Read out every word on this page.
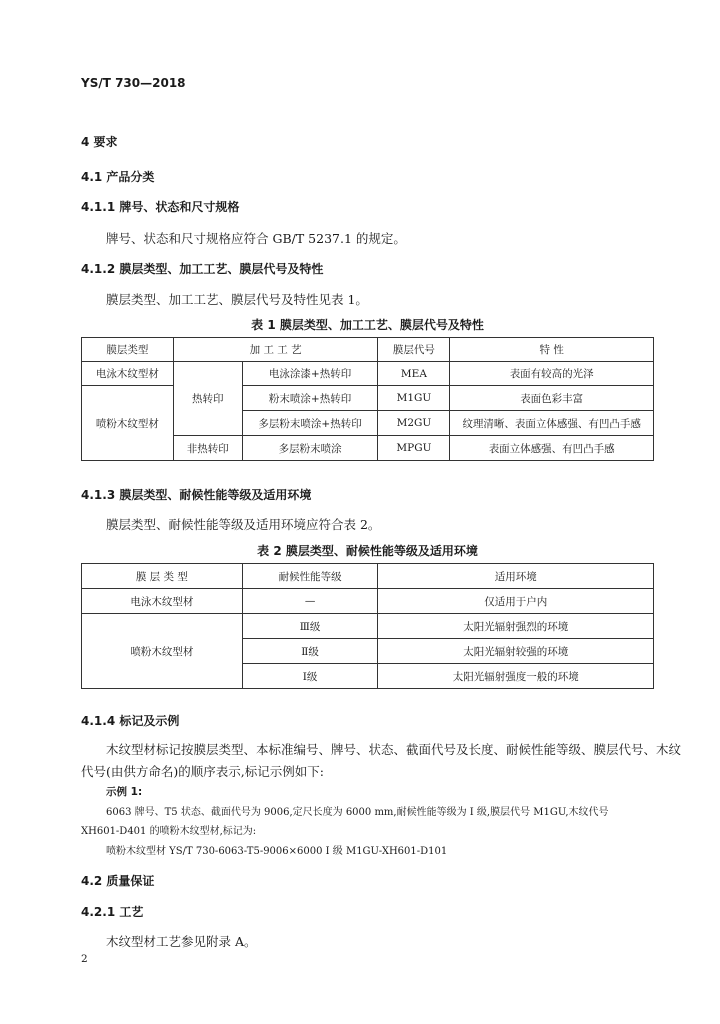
YS/T 730—2018
4 要求
4.1 产品分类
4.1.1 牌号、状态和尺寸规格
牌号、状态和尺寸规格应符合 GB/T 5237.1 的规定。
4.1.2 膜层类型、加工工艺、膜层代号及特性
膜层类型、加工工艺、膜层代号及特性见表 1。
表 1 膜层类型、加工工艺、膜层代号及特性
膜层类型	加 工 工 艺		膜层代号	特 性
电泳木纹型材	热转印	电泳涂漆+热转印	MEA	表面有较高的光泽
喷粉木纹型材		粉末喷涂+热转印	M1GU	表面色彩丰富
		多层粉末喷涂+热转印	M2GU	纹理清晰、表面立体感强、有凹凸手感
	非热转印	多层粉末喷涂	MPGU	表面立体感强、有凹凸手感
4.1.3 膜层类型、耐候性能等级及适用环境
膜层类型、耐候性能等级及适用环境应符合表 2。
表 2 膜层类型、耐候性能等级及适用环境
膜 层 类 型	耐候性能等级	适用环境
电泳木纹型材	—	仅适用于户内
喷粉木纹型材	Ⅲ级	太阳光辐射强烈的环境
	Ⅱ级	太阳光辐射较强的环境
	Ⅰ级	太阳光辐射强度一般的环境
4.1.4 标记及示例
木纹型材标记按膜层类型、本标准编号、牌号、状态、截面代号及长度、耐候性能等级、膜层代号、木纹
代号(由供方命名)的顺序表示,标记示例如下:
示例 1:
6063 牌号、T5 状态、截面代号为 9006,定尺长度为 6000 mm,耐候性能等级为 Ⅰ 级,膜层代号 M1GU,木纹代号
XH601-D401 的喷粉木纹型材,标记为:
喷粉木纹型材 YS/T 730-6063-T5-9006×6000 Ⅰ 级 M1GU-XH601-D101
4.2 质量保证
4.2.1 工艺
木纹型材工艺参见附录 A。
2
